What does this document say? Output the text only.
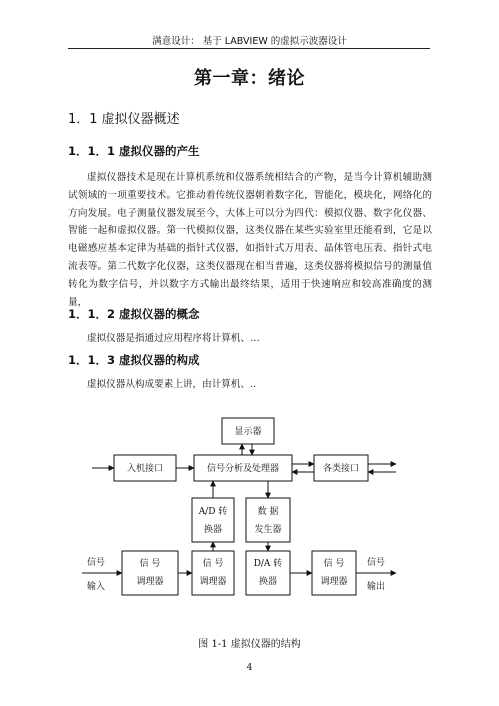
满意设计： 基于 LABVIEW 的虚拟示波器设计
第一章：绪论
1．1 虚拟仪器概述
1．1．1 虚拟仪器的产生

虚拟仪器技术是现在计算机系统和仪器系统相结合的产物，是当今计算机辅助测试领域的一项重要技术。它推动着传统仪器朝着数字化，智能化，模块化，网络化的方向发展。电子测量仪器发展至今，大体上可以分为四代：模拟仪器、数字化仪器、智能一起和虚拟仪器。第一代模拟仪器，这类仪器在某些实验室里还能看到，它是以电磁感应基本定律为基础的指针式仪器，如指针式万用表、晶体管电压表、指针式电流表等。第二代数字化仪器，这类仪器现在相当普遍，这类仪器将模拟信号的测量值转化为数字信号，并以数字方式输出最终结果，适用于快速响应和较高准确度的测量，

1．1．2 虚拟仪器的概念
虚拟仪器是指通过应用程序将计算机、…
1．1．3 虚拟仪器的构成
虚拟仪器从构成要素上讲，由计算机、..
显示器
入机接口	信号分析及处理器	各类接口
A/D 转
换器
数 据
发生器
信 号
调理器
信 号
调理器
D/A 转
换器
信 号
调理器
信号
输入
信号
输出
图 1-1 虚拟仪器的结构
4
